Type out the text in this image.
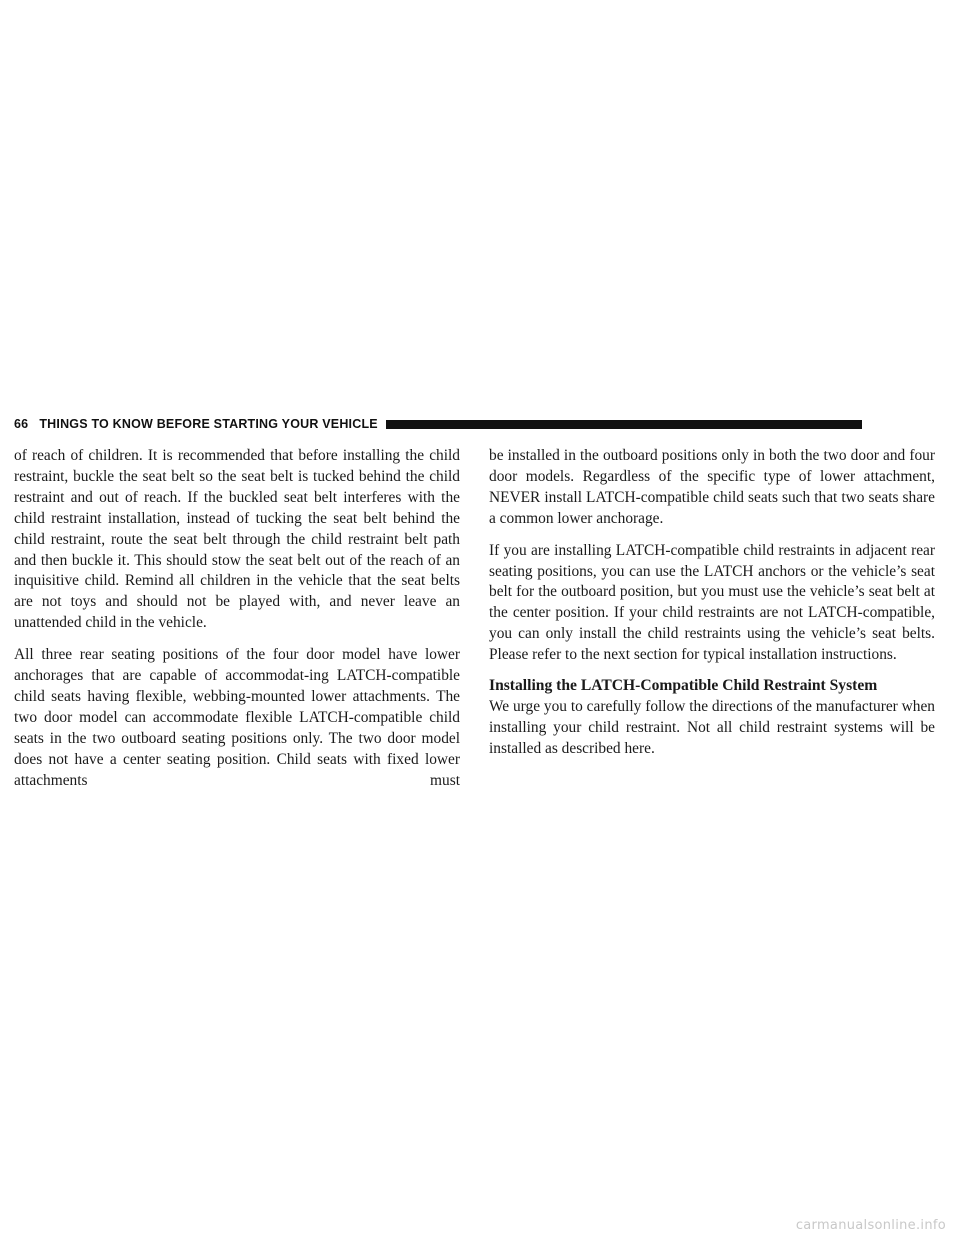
66 THINGS TO KNOW BEFORE STARTING YOUR VEHICLE

of reach of children. It is recommended that before installing the child restraint, buckle the seat belt so the seat belt is tucked behind the child restraint and out of reach. If the buckled seat belt interferes with the child restraint installation, instead of tucking the seat belt behind the child restraint, route the seat belt through the child restraint belt path and then buckle it. This should stow the seat belt out of the reach of an inquisitive child. Remind all children in the vehicle that the seat belts are not toys and should not be played with, and never leave an unattended child in the vehicle.

All three rear seating positions of the four door model have lower anchorages that are capable of accommodat-ing LATCH-compatible child seats having flexible, webbing-mounted lower attachments. The two door model can accommodate flexible LATCH-compatible child seats in the two outboard seating positions only. The two door model does not have a center seating position. Child seats with fixed lower attachments must

be installed in the outboard positions only in both the two door and four door models. Regardless of the specific type of lower attachment, NEVER install LATCH-compatible child seats such that two seats share a common lower anchorage.

If you are installing LATCH-compatible child restraints in adjacent rear seating positions, you can use the LATCH anchors or the vehicle’s seat belt for the outboard position, but you must use the vehicle’s seat belt at the center position. If your child restraints are not LATCH-compatible, you can only install the child restraints using the vehicle’s seat belts. Please refer to the next section for typical installation instructions.

Installing the LATCH-Compatible Child Restraint System

We urge you to carefully follow the directions of the manufacturer when installing your child restraint. Not all child restraint systems will be installed as described here.

carmanualsonline.info
